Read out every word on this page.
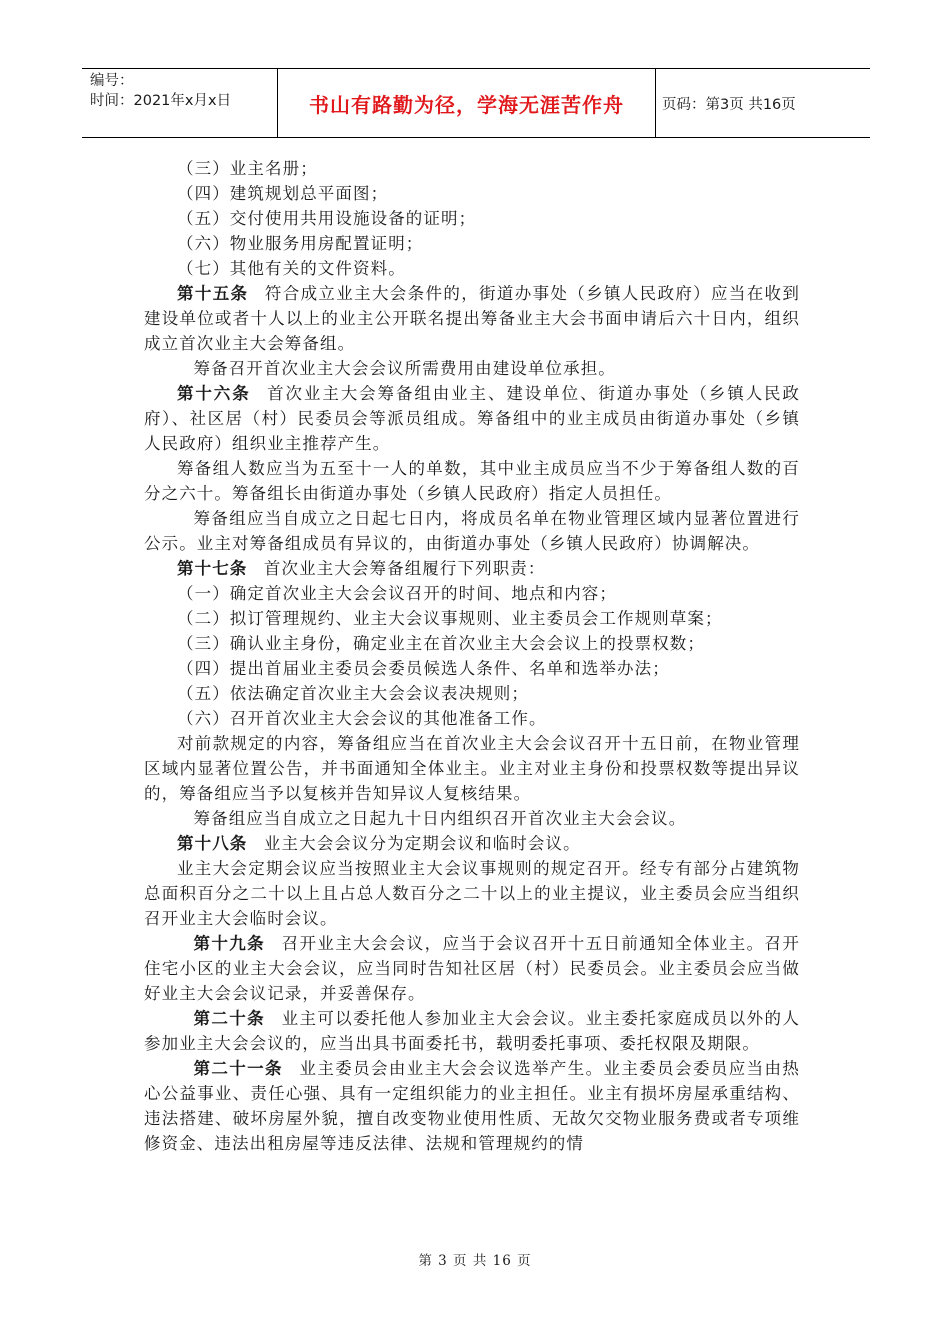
编号：
时间：2021年x月x日	书山有路勤为径，学海无涯苦作舟	页码：第3页 共16页

（三）业主名册；

（四）建筑规划总平面图；

（五）交付使用共用设施设备的证明；

（六）物业服务用房配置证明；

（七）其他有关的文件资料。

第十五条 符合成立业主大会条件的，街道办事处（乡镇人民政府）应当在收到建设单位或者十人以上的业主公开联名提出筹备业主大会书面申请后六十日内，组织成立首次业主大会筹备组。

筹备召开首次业主大会会议所需费用由建设单位承担。

第十六条 首次业主大会筹备组由业主、建设单位、街道办事处（乡镇人民政府）、社区居（村）民委员会等派员组成。筹备组中的业主成员由街道办事处（乡镇人民政府）组织业主推荐产生。

筹备组人数应当为五至十一人的单数，其中业主成员应当不少于筹备组人数的百分之六十。筹备组长由街道办事处（乡镇人民政府）指定人员担任。

筹备组应当自成立之日起七日内，将成员名单在物业管理区域内显著位置进行公示。业主对筹备组成员有异议的，由街道办事处（乡镇人民政府）协调解决。

第十七条 首次业主大会筹备组履行下列职责：

（一）确定首次业主大会会议召开的时间、地点和内容；

（二）拟订管理规约、业主大会议事规则、业主委员会工作规则草案；

（三）确认业主身份，确定业主在首次业主大会会议上的投票权数；

（四）提出首届业主委员会委员候选人条件、名单和选举办法；

（五）依法确定首次业主大会会议表决规则；

（六）召开首次业主大会会议的其他准备工作。

对前款规定的内容，筹备组应当在首次业主大会会议召开十五日前，在物业管理区域内显著位置公告，并书面通知全体业主。业主对业主身份和投票权数等提出异议的，筹备组应当予以复核并告知异议人复核结果。

筹备组应当自成立之日起九十日内组织召开首次业主大会会议。

第十八条 业主大会会议分为定期会议和临时会议。

业主大会定期会议应当按照业主大会议事规则的规定召开。经专有部分占建筑物总面积百分之二十以上且占总人数百分之二十以上的业主提议，业主委员会应当组织召开业主大会临时会议。

第十九条 召开业主大会会议，应当于会议召开十五日前通知全体业主。召开住宅小区的业主大会会议，应当同时告知社区居（村）民委员会。业主委员会应当做好业主大会会议记录，并妥善保存。

第二十条 业主可以委托他人参加业主大会会议。业主委托家庭成员以外的人参加业主大会会议的，应当出具书面委托书，载明委托事项、委托权限及期限。

第二十一条 业主委员会由业主大会会议选举产生。业主委员会委员应当由热心公益事业、责任心强、具有一定组织能力的业主担任。业主有损坏房屋承重结构、违法搭建、破坏房屋外貌，擅自改变物业使用性质、无故欠交物业服务费或者专项维修资金、违法出租房屋等违反法律、法规和管理规约的情

第 3 页 共 16 页
